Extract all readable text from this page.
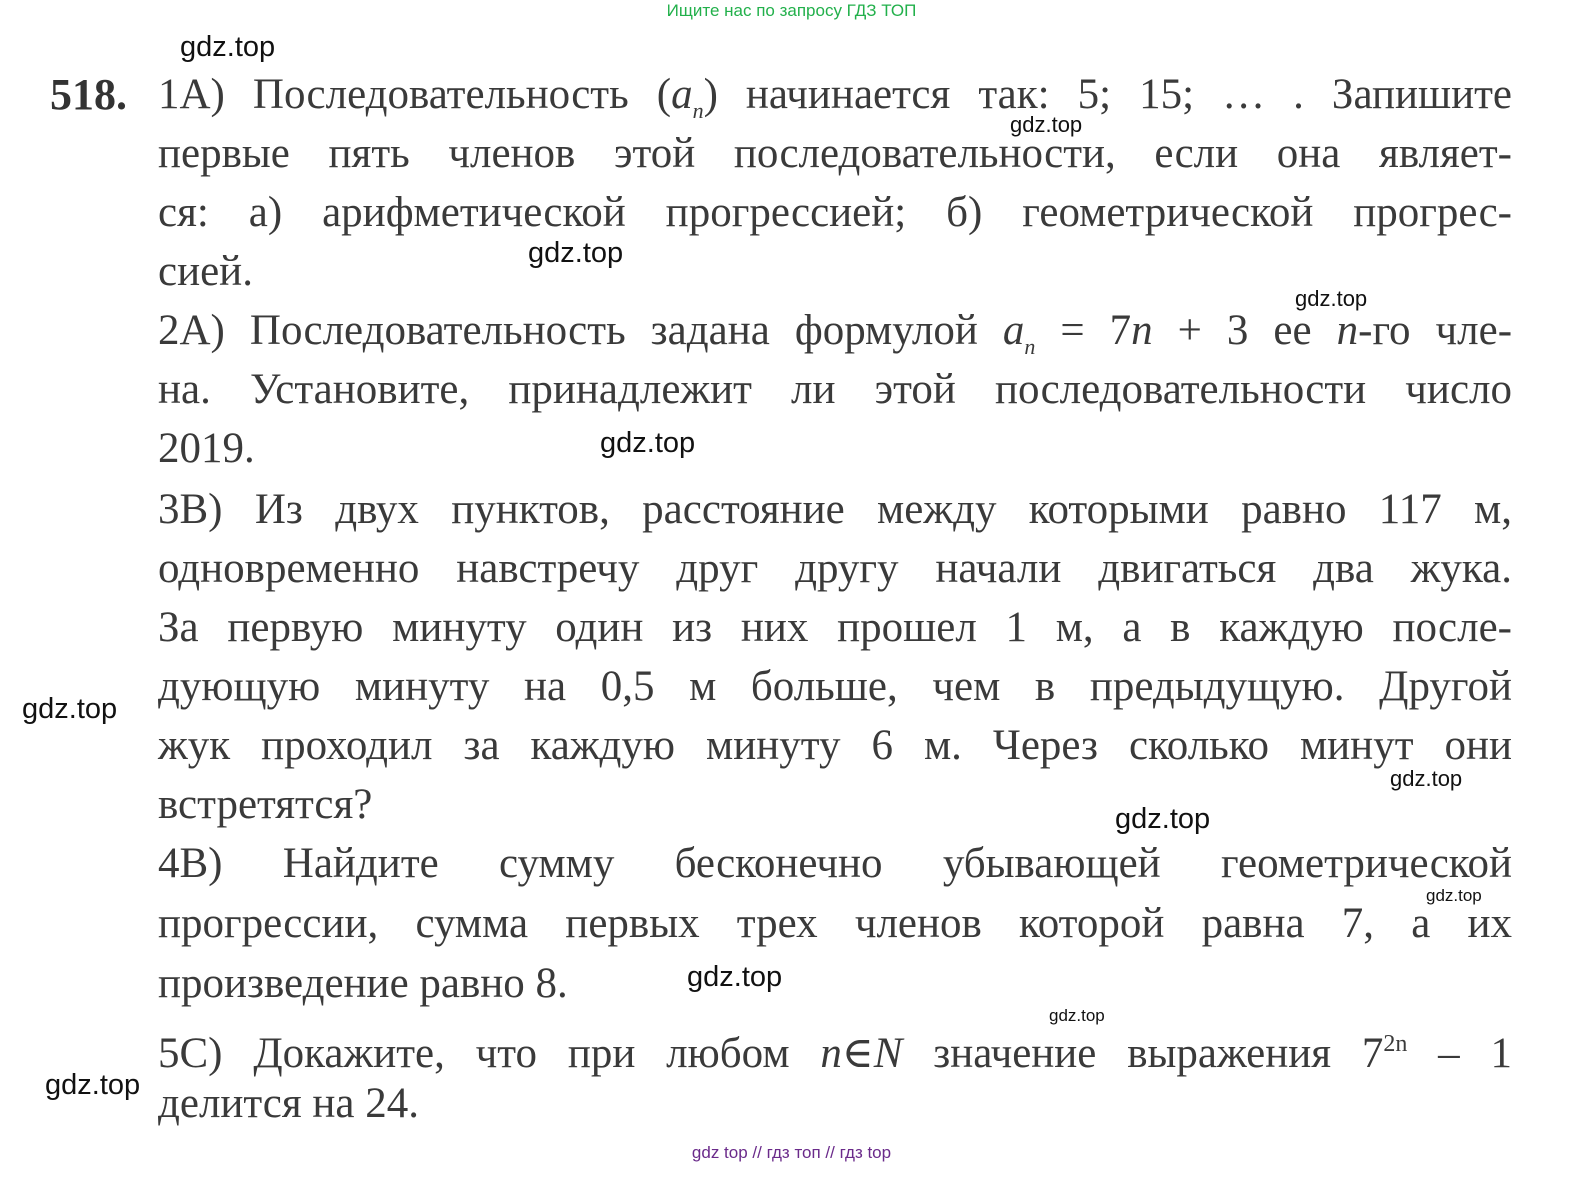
Ищите нас по запросу ГДЗ ТОП
518. 1A) Последовательность $(a_n)$ начинается так: 5; 15; … . Запишите
первые пять членов этой последовательности, если она являет-
ся: а) арифметической прогрессией; б) геометрической прогрес-
сией.
2A) Последовательность задана формулой $a_n = 7n + 3$ ее n-го чле-
на. Установите, принадлежит ли этой последовательности число
2019.
3B) Из двух пунктов, расстояние между которыми равно 117 м,
одновременно навстречу друг другу начали двигаться два жука.
За первую минуту один из них прошел 1 м, а в каждую после-
дующую минуту на 0,5 м больше, чем в предыдущую. Другой
жук проходил за каждую минуту 6 м. Через сколько минут они
встретятся?
4B) Найдите сумму бесконечно убывающей геометрической
прогрессии, сумма первых трех членов которой равна 7, а их
произведение равно 8.
5C) Докажите, что при любом n∈N значение выражения $7^{2n} - 1$
делится на 24.
gdz.top
gdz.top
gdz.top
gdz.top
gdz.top
gdz.top
gdz.top
gdz.top
gdz.top
gdz.top
gdz.top
gdz.top
gdz top // гдз топ // гдз top
